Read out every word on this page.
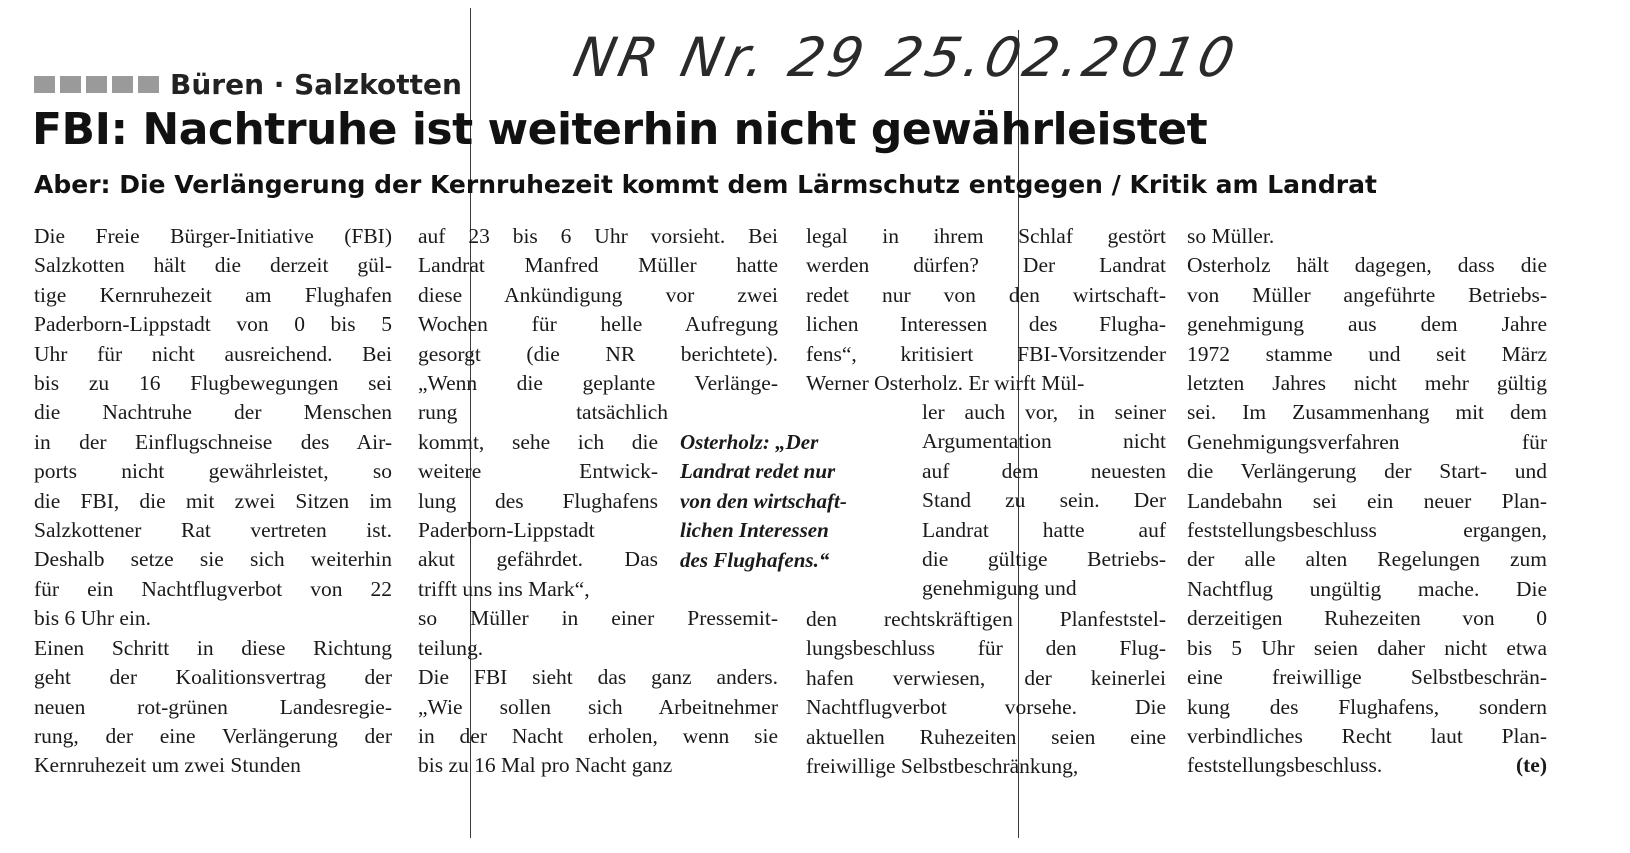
NR Nr. 29 25.02.2010
Büren · Salzkotten
FBI: Nachtruhe ist weiterhin nicht gewährleistet
Aber: Die Verlängerung der Kernruhezeit kommt dem Lärmschutz entgegen / Kritik am Landrat
Die Freie Bürger-Initiative (FBI)
Salzkotten hält die derzeit gül-
tige Kernruhezeit am Flughafen
Paderborn-Lippstadt von 0 bis 5
Uhr für nicht ausreichend. Bei
bis zu 16 Flugbewegungen sei
die Nachtruhe der Menschen
in der Einflugschneise des Air-
ports nicht gewährleistet, so
die FBI, die mit zwei Sitzen im
Salzkottener Rat vertreten ist.
Deshalb setze sie sich weiterhin
für ein Nachtflugverbot von 22
bis 6 Uhr ein.
Einen Schritt in diese Richtung
geht der Koalitionsvertrag der
neuen rot-grünen Landesregie-
rung, der eine Verlängerung der
Kernruhezeit um zwei Stunden
auf 23 bis 6 Uhr vorsieht. Bei
Landrat Manfred Müller hatte
diese Ankündigung vor zwei
Wochen für helle Aufregung
gesorgt (die NR berichtete).
„Wenn die geplante Verlänge-
rung tatsächlich
kommt, sehe ich die
weitere Entwick-
lung des Flughafens
Paderborn-Lippstadt
akut gefährdet. Das
trifft uns ins Mark“,
so Müller in einer Pressemit-
teilung.
Die FBI sieht das ganz anders.
„Wie sollen sich Arbeitnehmer
in der Nacht erholen, wenn sie
bis zu 16 Mal pro Nacht ganz
Osterholz: „Der
Landrat redet nur
von den wirtschaft-
lichen Interessen
des Flughafens.“
legal in ihrem Schlaf gestört
werden dürfen? Der Landrat
redet nur von den wirtschaft-
lichen Interessen des Flugha-
fens“, kritisiert FBI-Vorsitzender
Werner Osterholz. Er wirft Mül-
ler auch vor, in seiner
Argumentation nicht
auf dem neuesten
Stand zu sein. Der
Landrat hatte auf
die gültige Betriebs-
genehmigung und
den rechtskräftigen Planfeststel-
lungsbeschluss für den Flug-
hafen verwiesen, der keinerlei
Nachtflugverbot vorsehe. Die
aktuellen Ruhezeiten seien eine
freiwillige Selbstbeschränkung,
so Müller.
Osterholz hält dagegen, dass die
von Müller angeführte Betriebs-
genehmigung aus dem Jahre
1972 stamme und seit März
letzten Jahres nicht mehr gültig
sei. Im Zusammenhang mit dem
Genehmigungsverfahren für
die Verlängerung der Start- und
Landebahn sei ein neuer Plan-
feststellungsbeschluss ergangen,
der alle alten Regelungen zum
Nachtflug ungültig mache. Die
derzeitigen Ruhezeiten von 0
bis 5 Uhr seien daher nicht etwa
eine freiwillige Selbstbeschrän-
kung des Flughafens, sondern
verbindliches Recht laut Plan-
feststellungsbeschluss.	(te)
